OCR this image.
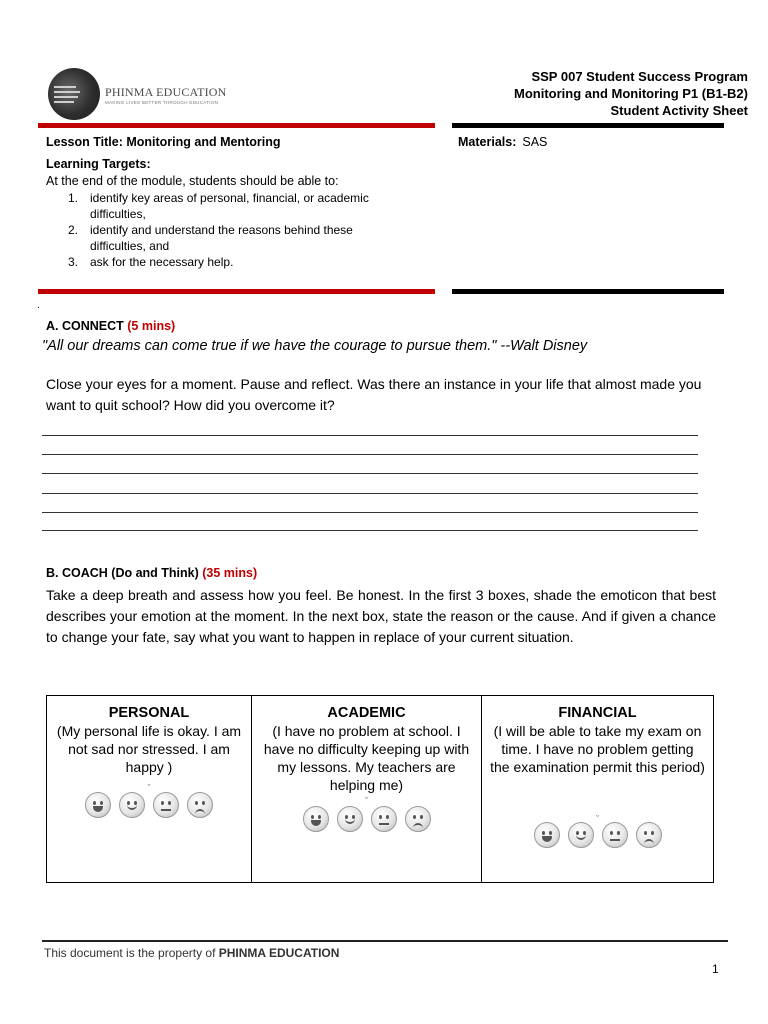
PHINMA EDUCATION
MAKING LIVES BETTER THROUGH EDUCATION
SSP 007 Student Success Program
Monitoring and Monitoring P1 (B1-B2)
Student Activity Sheet
Lesson Title: Monitoring and Mentoring	Materials: SAS
Learning Targets:
At the end of the module, students should be able to:
1. identify key areas of personal, financial, or academic difficulties,
2. identify and understand the reasons behind these difficulties, and
3. ask for the necessary help.
.
A. CONNECT (5 mins)
"All our dreams can come true if we have the courage to pursue them." --Walt Disney
Close your eyes for a moment. Pause and reflect. Was there an instance in your life that almost made you want to quit school? How did you overcome it?
B. COACH (Do and Think) (35 mins)
Take a deep breath and assess how you feel. Be honest. In the first 3 boxes, shade the emoticon that best describes your emotion at the moment. In the next box, state the reason or the cause. And if given a chance to change your fate, say what you want to happen in replace of your current situation.
PERSONAL
(My personal life is okay. I am not sad nor stressed. I am happy )
ˇ
ACADEMIC
(I have no problem at school. I have no difficulty keeping up with my lessons. My teachers are helping me)
ˇ
FINANCIAL
(I will be able to take my exam on time. I have no problem getting the examination permit this period)
ˇ
This document is the property of PHINMA EDUCATION
1
